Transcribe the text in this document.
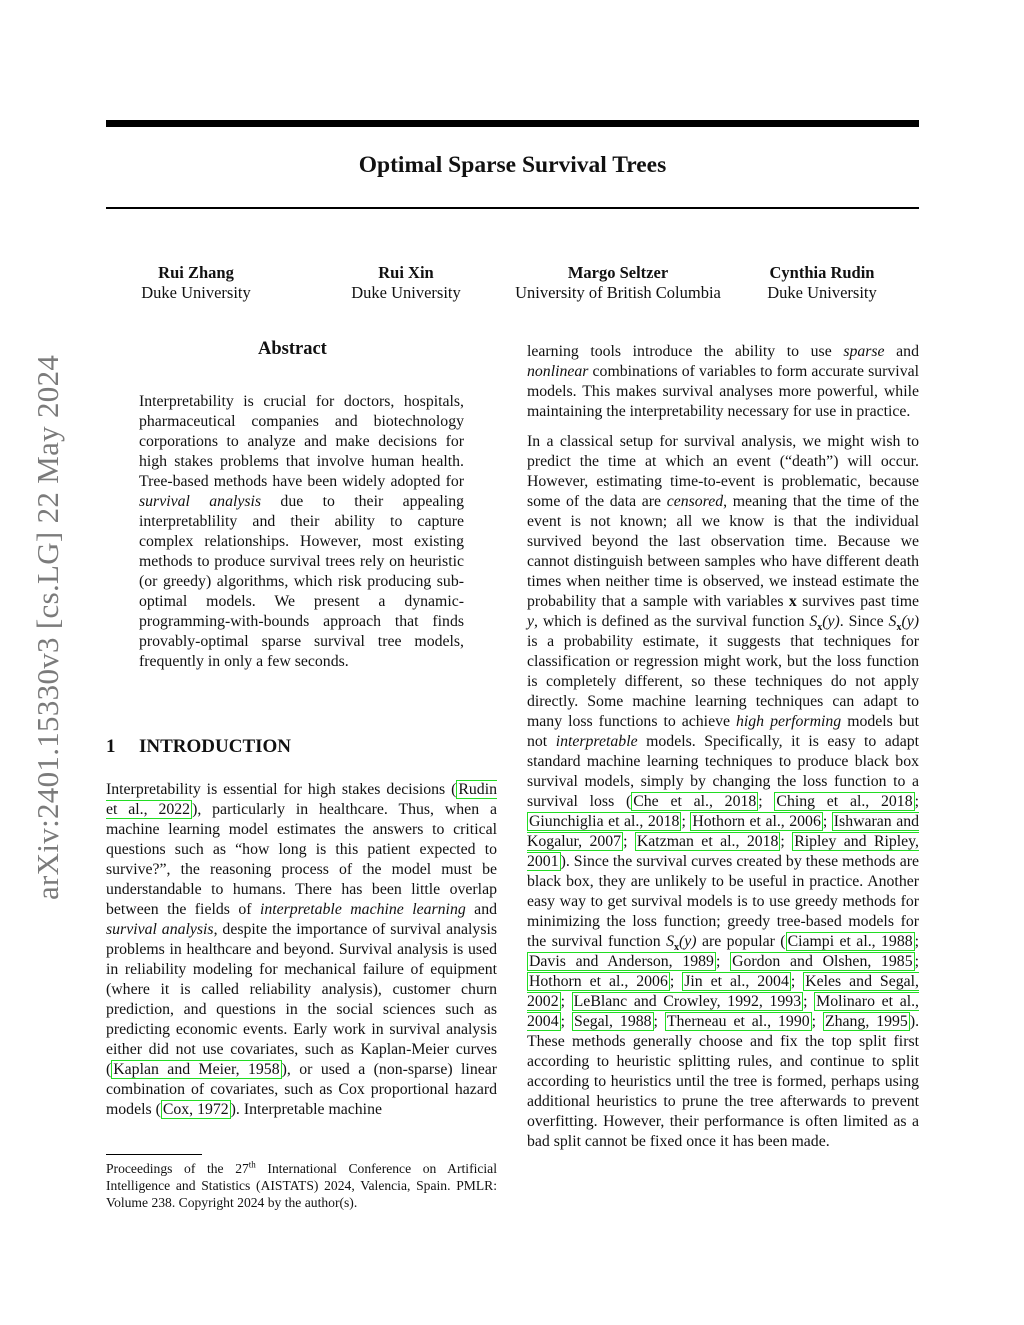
Optimal Sparse Survival Trees
Rui Zhang
Duke University
Rui Xin
Duke University
Margo Seltzer
University of British Columbia
Cynthia Rudin
Duke University
arXiv:2401.15330v3 [cs.LG] 22 May 2024
Abstract
Interpretability is crucial for doctors, hospitals, pharmaceutical companies and biotechnology corporations to analyze and make decisions for high stakes problems that involve human health. Tree-based methods have been widely adopted for survival analysis due to their appealing interpretablility and their ability to capture complex relationships. However, most existing methods to produce survival trees rely on heuristic (or greedy) algorithms, which risk producing sub-optimal models. We present a dynamic-programming-with-bounds approach that finds provably-optimal sparse survival tree models, frequently in only a few seconds.
1 INTRODUCTION

Interpretability is essential for high stakes decisions ( Rudin et al., 2022 ), particularly in healthcare. Thus, when a machine learning model estimates the answers to critical questions such as “how long is this patient expected to survive?”, the reasoning process of the model must be understandable to humans. There has been little overlap between the fields of interpretable machine learning and survival analysis, despite the importance of survival analysis problems in healthcare and beyond. Survival analysis is used in reliability modeling for mechanical failure of equipment (where it is called reliability analysis), customer churn prediction, and questions in the social sciences such as predicting economic events. Early work in survival analysis either did not use covariates, such as Kaplan-Meier curves ( Kaplan and Meier, 1958 ), or used a (non-sparse) linear combination of covariates, such as Cox proportional hazard models ( Cox, 1972 ). Interpretable machine

Proceedings of the 27th International Conference on Artificial Intelligence and Statistics (AISTATS) 2024, Valencia, Spain. PMLR: Volume 238. Copyright 2024 by the author(s).

learning tools introduce the ability to use sparse and nonlinear combinations of variables to form accurate survival models. This makes survival analyses more powerful, while maintaining the interpretability necessary for use in practice.

In a classical setup for survival analysis, we might wish to predict the time at which an event (“death”) will occur. However, estimating time-to-event is problematic, because some of the data are censored, meaning that the time of the event is not known; all we know is that the individual survived beyond the last observation time. Because we cannot distinguish between samples who have different death times when neither time is observed, we instead estimate the probability that a sample with variables x survives past time y, which is defined as the survival function $S_x(y)$. Since $S_x(y)$ is a probability estimate, it suggests that techniques for classification or regression might work, but the loss function is completely different, so these techniques do not apply directly. Some machine learning techniques can adapt to many loss functions to achieve high performing models but not interpretable models. Specifically, it is easy to adapt standard machine learning techniques to produce black box survival models, simply by changing the loss function to a survival loss ( Che et al., 2018 ; Ching et al., 2018 ; Giunchiglia et al., 2018 ; Hothorn et al., 2006 ; Ishwaran and Kogalur, 2007 ; Katzman et al., 2018 ; Ripley and Ripley, 2001 ). Since the survival curves created by these methods are black box, they are unlikely to be useful in practice. Another easy way to get survival models is to use greedy methods for minimizing the loss function; greedy tree-based models for the survival function $S_x(y)$ are popular ( Ciampi et al., 1988 ; Davis and Anderson, 1989 ; Gordon and Olshen, 1985 ; Hothorn et al., 2006 ; Jin et al., 2004 ; Keles and Segal, 2002 ; LeBlanc and Crowley, 1992, 1993 ; Molinaro et al., 2004 ; Segal, 1988 ; Therneau et al., 1990 ; Zhang, 1995 ). These methods generally choose and fix the top split first according to heuristic splitting rules, and continue to split according to heuristics until the tree is formed, perhaps using additional heuristics to prune the tree afterwards to prevent overfitting. However, their performance is often limited as a bad split cannot be fixed once it has been made.
